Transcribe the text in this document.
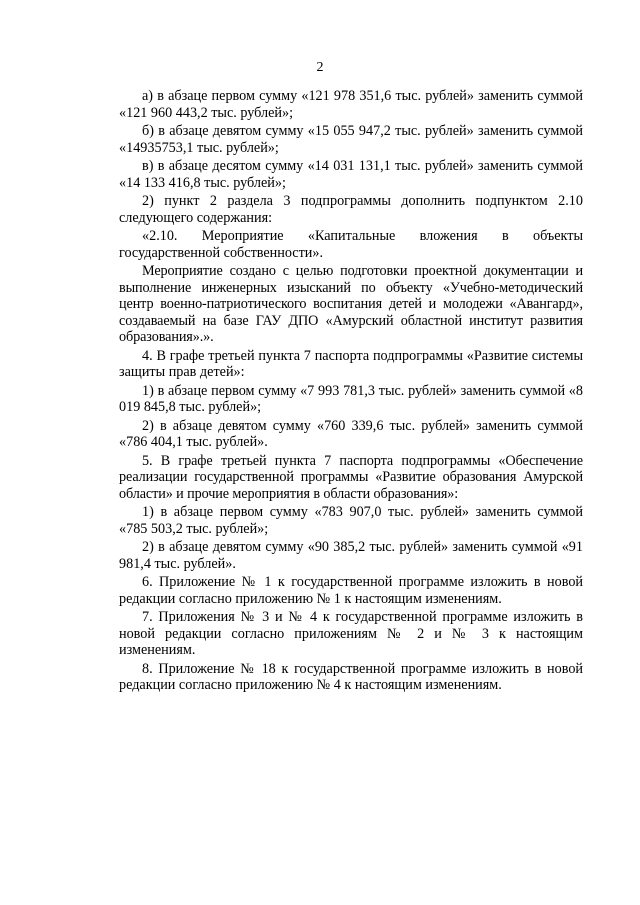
2

а) в абзаце первом сумму «121 978 351,6 тыс. рублей» заменить суммой «121 960 443,2 тыс. рублей»;

б) в абзаце девятом сумму «15 055 947,2 тыс. рублей» заменить суммой «14935753,1 тыс. рублей»;

в) в абзаце десятом сумму «14 031 131,1 тыс. рублей» заменить суммой «14 133 416,8 тыс. рублей»;

2) пункт 2 раздела 3 подпрограммы дополнить подпунктом 2.10 следующего содержания:

«2.10. Мероприятие «Капитальные вложения в объекты государственной собственности».

Мероприятие создано с целью подготовки проектной документации и выполнение инженерных изысканий по объекту «Учебно-методический центр военно-патриотического воспитания детей и молодежи «Авангард», создаваемый на базе ГАУ ДПО «Амурский областной институт развития образования».».

4. В графе третьей пункта 7 паспорта подпрограммы «Развитие системы защиты прав детей»:

1) в абзаце первом сумму «7 993 781,3 тыс. рублей» заменить суммой «8 019 845,8 тыс. рублей»;

2) в абзаце девятом сумму «760 339,6 тыс. рублей» заменить суммой «786 404,1 тыс. рублей».

5. В графе третьей пункта 7 паспорта подпрограммы «Обеспечение реализации государственной программы «Развитие образования Амурской области» и прочие мероприятия в области образования»:

1) в абзаце первом сумму «783 907,0 тыс. рублей» заменить суммой «785 503,2 тыс. рублей»;

2) в абзаце девятом сумму «90 385,2 тыс. рублей» заменить суммой «91 981,4 тыс. рублей».

6. Приложение № 1 к государственной программе изложить в новой редакции согласно приложению № 1 к настоящим изменениям.

7. Приложения № 3 и № 4 к государственной программе изложить в новой редакции согласно приложениям № 2 и № 3 к настоящим изменениям.

8. Приложение № 18 к государственной программе изложить в новой редакции согласно приложению № 4 к настоящим изменениям.
